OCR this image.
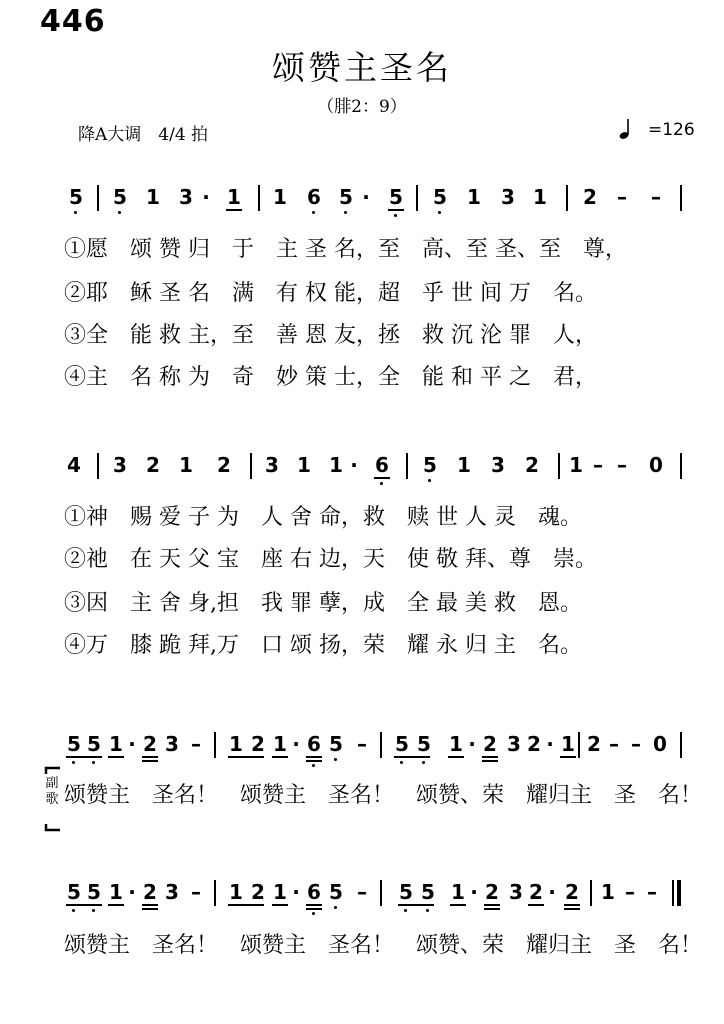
446
颂赞主圣名
（腓2：9）
降A大调　4/4 拍	=126
5 5 1 3 · 1 1 6 5 · 5 5 1 3 1 2 – –
①愿　颂 赞 归　于　主 圣 名，至　高、至 圣、至　尊，
②耶　稣 圣 名　满　有 权 能，超　乎 世 间 万　名。
③全　能 救 主，至　善 恩 友，拯　救 沉 沦 罪　人，
④主　名 称 为　奇　妙 策 士，全　能 和 平 之　君，
4 3 2 1 2 3 1 1 · 6 5 1 3 2 1 – – 0
①神　赐 爱 子 为　人 舍 命，救　赎 世 人 灵　魂。
②祂　在 天 父 宝　座 右 边，天　使 敬 拜、尊　崇。
③因　主 舍 身,担　我 罪 孽，成　全 最 美 救　恩。
④万　膝 跪 拜,万　口 颂 扬，荣　耀 永 归 主　名。
5 5 1 · 2 3 – 1 2 1 · 6 5 – 5 5 1 · 2 3 2 · 1 2 – – 0
副歌 颂赞主　圣名！　颂赞主　圣名！　颂赞、荣　耀归主　圣　名！
5 5 1 · 2 3 – 1 2 1 · 6 5 – 5 5 1 · 2 3 2 · 2 1 – –
颂赞主　圣名！　颂赞主　圣名！　颂赞、荣　耀归主　圣　名！
